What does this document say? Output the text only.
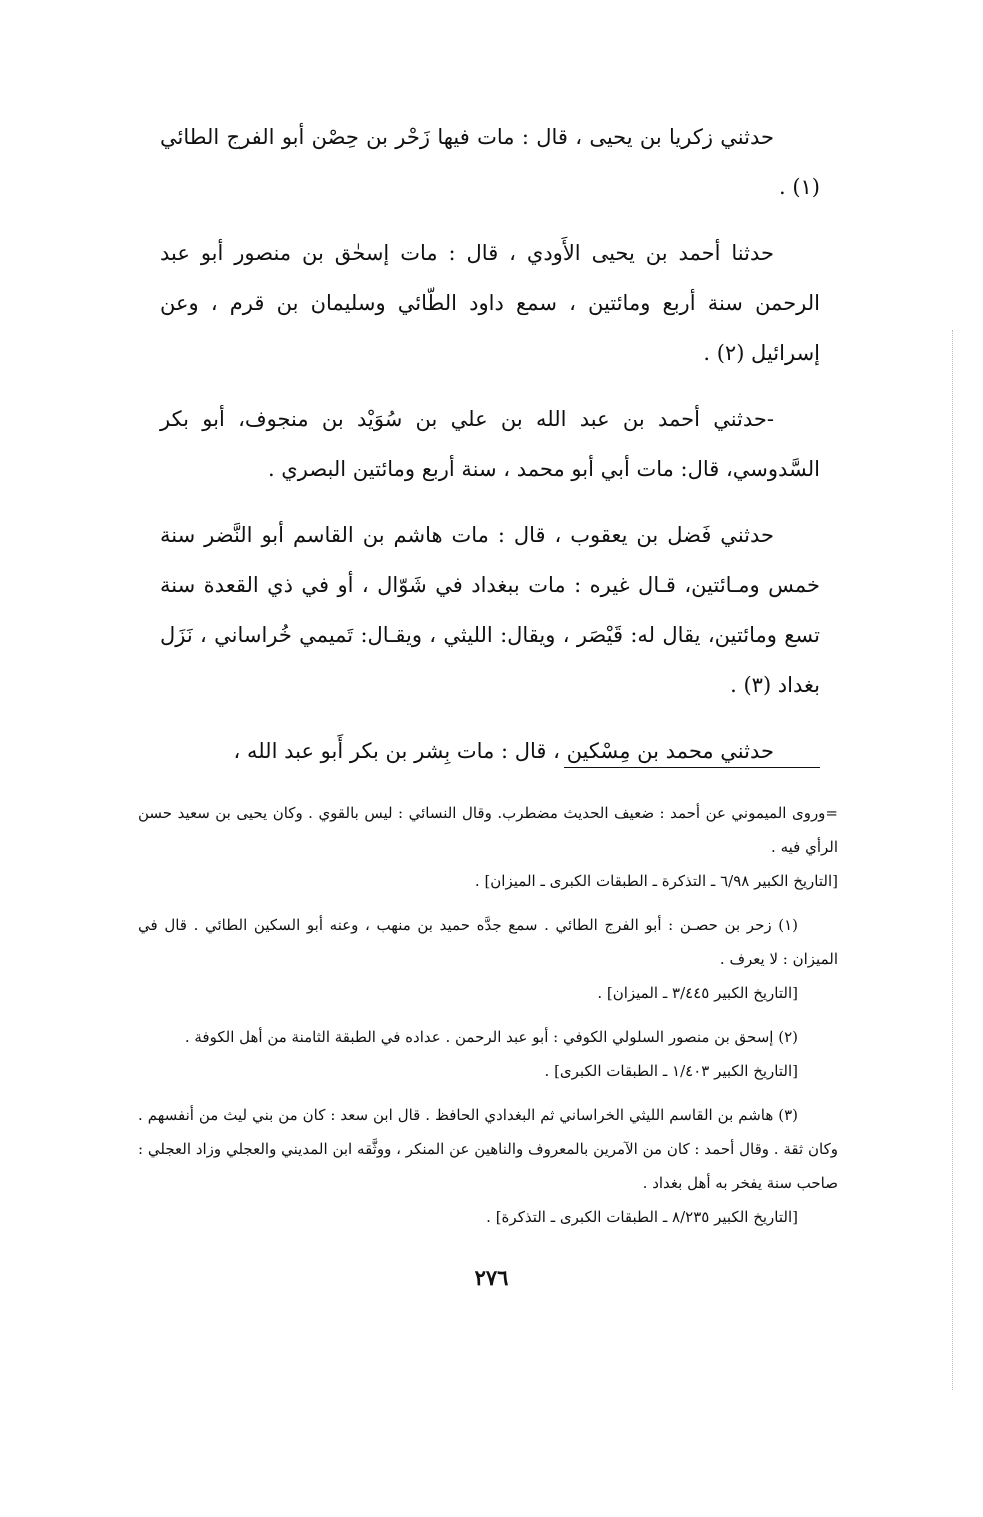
حدثني زكريا بن يحيى ، قال : مات فيها زَحْر بن حِصْن أبو الفرج الطائي (١) .

حدثنا أحمد بن يحيى الأَودي ، قال : مات إسحٰق بن منصور أبو عبد الرحمن سنة أربع ومائتين ، سمع داود الطّائي وسليمان بن قرم ، وعن إسرائيل (٢) .

-حدثني أحمد بن عبد الله بن علي بن سُوَيْد بن منجوف، أبو بكر السَّدوسي، قال: مات أبي أبو محمد ، سنة أربع ومائتين البصري .

حدثني فَضل بن يعقوب ، قال : مات هاشم بن القاسم أبو النَّضر سنة خمس ومـائتين، قـال غيره : مات ببغداد في شَوّال ، أو في ذي القعدة سنة تسع ومائتين، يقال له: قَيْصَر ، ويقال: الليثي ، ويقـال: تَميمي خُراساني ، نَزَل بغداد (٣) .

حدثني محمد بن مِسْكين ، قال : مات بِشر بن بكر أَبو عبد الله ،

=وروى الميموني عن أحمد : ضعيف الحديث مضطرب. وقال النسائي : ليس بالقوي . وكان يحيى بن سعيد حسن الرأي فيه .
[التاريخ الكبير ٦/٩٨ ـ التذكرة ـ الطبقات الكبرى ـ الميزان] .
(١) زحر بن حصـن : أبو الفرج الطائي . سمع جدَّه حميد بن منهب ، وعنه أبو السكين الطائي . قال في الميزان : لا يعرف .
[التاريخ الكبير ٣/٤٤٥ ـ الميزان] .
(٢) إسحق بن منصور السلولي الكوفي : أبو عبد الرحمن . عداده في الطبقة الثامنة من أهل الكوفة .
[التاريخ الكبير ١/٤٠٣ ـ الطبقات الكبرى] .
(٣) هاشم بن القاسم الليثي الخراساني ثم البغدادي الحافظ . قال ابن سعد : كان من بني ليث من أنفسهم . وكان ثقة . وقال أحمد : كان من الآمرين بالمعروف والناهين عن المنكر ، ووثَّقه ابن المديني والعجلي وزاد العجلي : صاحب سنة يفخر به أهل بغداد .
[التاريخ الكبير ٨/٢٣٥ ـ الطبقات الكبرى ـ التذكرة] .
٢٧٦
